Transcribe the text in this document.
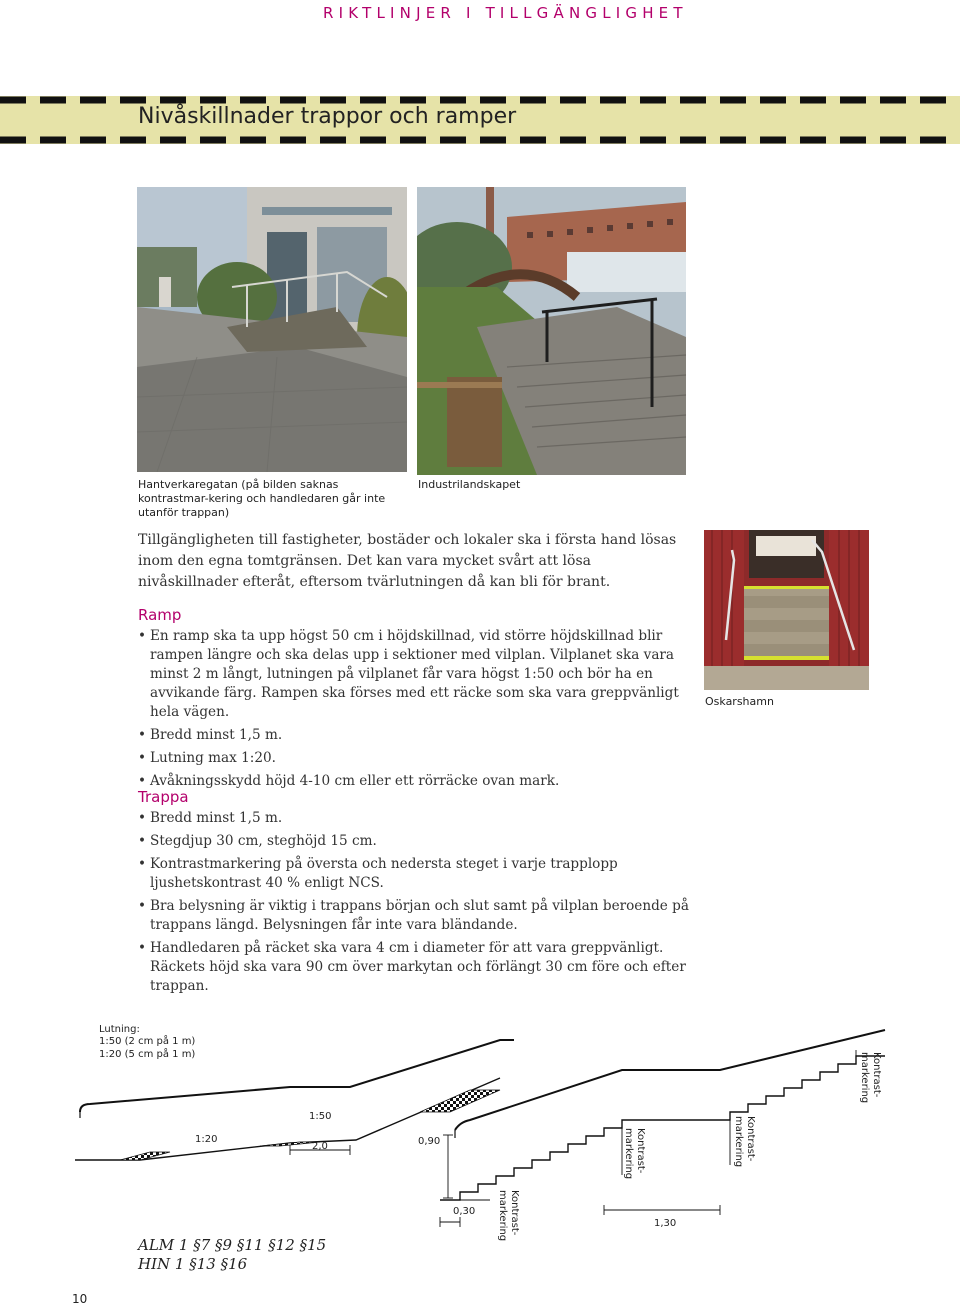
RIKTLINJER I TILLGÄNGLIGHET
Nivåskillnader trappor och ramper
Hantverkaregatan (på bilden saknas kontrastmar-kering och handledaren går inte utanför trappan)
Industrilandskapet
Oskarshamn
Tillgängligheten till fastigheter, bostäder och lokaler ska i första hand lösas inom den egna tomtgränsen. Det kan vara mycket svårt att lösa nivåskillnader efteråt, eftersom tvärlutningen då kan bli för brant.
Ramp
• En ramp ska ta upp högst 50 cm i höjdskillnad, vid större höjdskillnad blir rampen längre och ska delas upp i sektioner med vilplan. Vilplanet ska vara minst 2 m långt, lutningen på vilplanet får vara högst 1:50 och bör ha en avvikande färg. Rampen ska förses med ett räcke som ska vara greppvänligt hela vägen.
• Bredd minst 1,5 m.
• Lutning max 1:20.
• Avåkningsskydd höjd 4-10 cm eller ett rörräcke ovan mark.
Trappa
• Bredd minst 1,5 m.
• Stegdjup 30 cm, steghöjd 15 cm.
• Kontrastmarkering på översta och nedersta steget i varje trapplopp ljushetskontrast 40 % enligt NCS.
• Bra belysning är viktig i trappans början och slut samt på vilplan beroende på trappans längd. Belysningen får inte vara bländande.
• Handledaren på räcket ska vara 4 cm i diameter för att vara greppvänligt. Räckets höjd ska vara 90 cm över markytan och förlängt 30 cm före och efter trappan.
Lutning:
1:50 (2 cm på 1 m)
1:20 (5 cm på 1 m)
1:20
1:50
2,0	0,90
0,30
1,30
Kontrast-
markering
Kontrast-
markering
Kontrast-
markering
Kontrast-
markering
ALM 1 §7 §9 §11 §12 §15
HIN 1 §13 §16
10
